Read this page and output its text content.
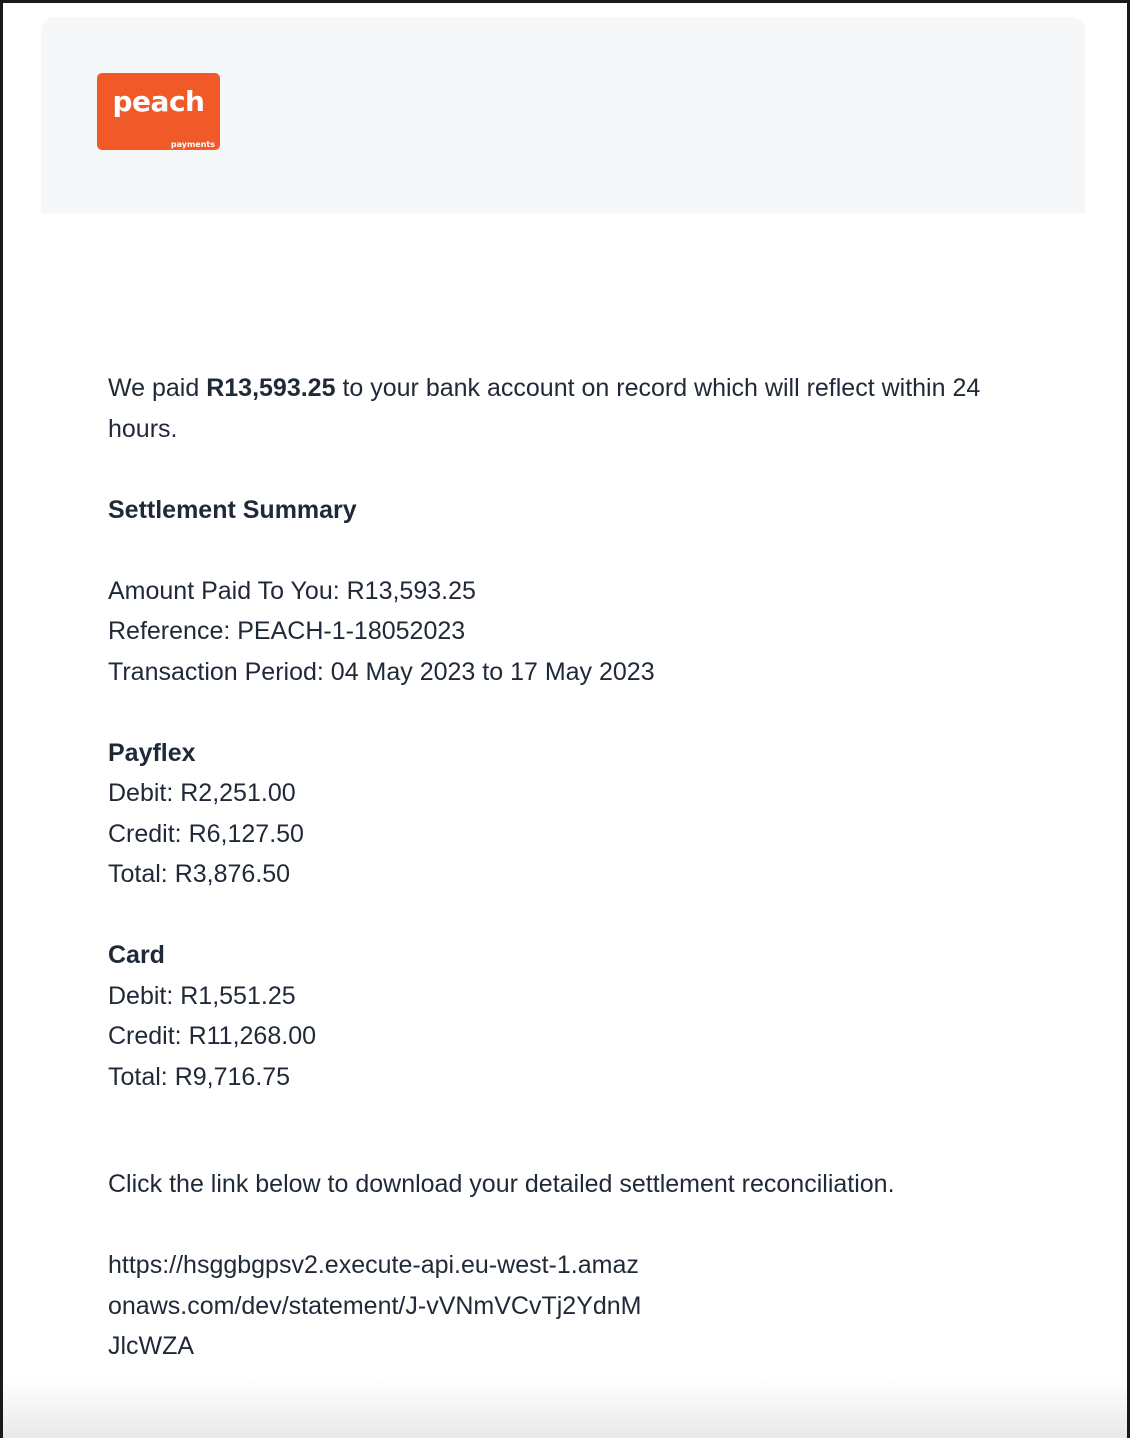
peach
payments

We paid R13,593.25 to your bank account on record which will reflect within 24 hours.

Settlement Summary

Amount Paid To You: R13,593.25

Reference: PEACH-1-18052023

Transaction Period: 04 May 2023 to 17 May 2023

Payflex

Debit: R2,251.00

Credit: R6,127.50

Total: R3,876.50

Card

Debit: R1,551.25

Credit: R11,268.00

Total: R9,716.75

Click the link below to download your detailed settlement reconciliation.

https://hsggbgpsv2.execute-api.eu-west-1.amazonaws.com/dev/statement/J-vVNmVCvTj2YdnMJlcWZA
